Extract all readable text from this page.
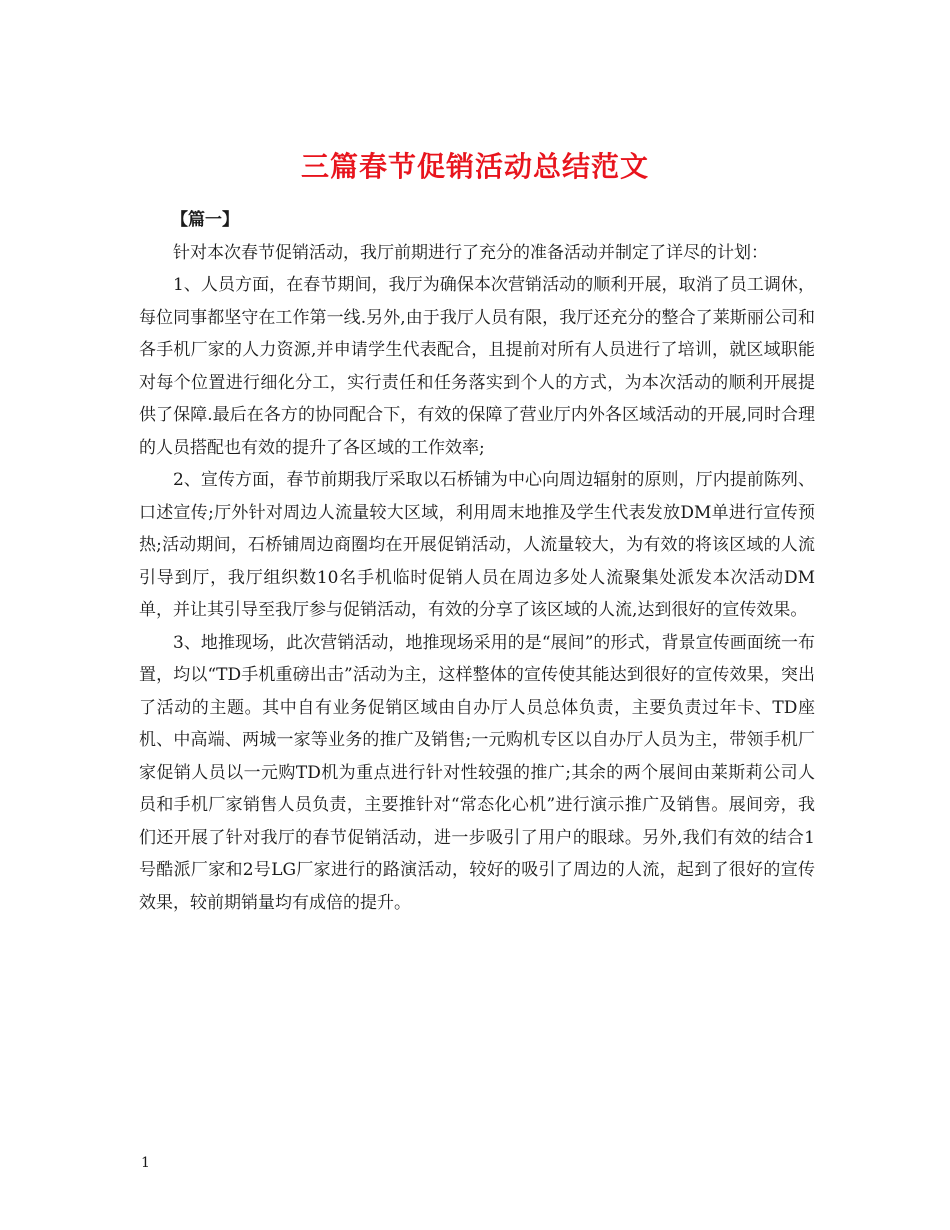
三篇春节促销活动总结范文

【篇一】

针对本次春节促销活动，我厅前期进行了充分的准备活动并制定了详尽的计划：

1、人员方面，在春节期间，我厅为确保本次营销活动的顺利开展，取消了员工调休，每位同事都坚守在工作第一线.另外,由于我厅人员有限，我厅还充分的整合了莱斯丽公司和各手机厂家的人力资源,并申请学生代表配合，且提前对所有人员进行了培训，就区域职能对每个位置进行细化分工，实行责任和任务落实到个人的方式，为本次活动的顺利开展提供了保障.最后在各方的协同配合下，有效的保障了营业厅内外各区域活动的开展,同时合理的人员搭配也有效的提升了各区域的工作效率;

2、宣传方面，春节前期我厅采取以石桥铺为中心向周边辐射的原则，厅内提前陈列、口述宣传;厅外针对周边人流量较大区域，利用周末地推及学生代表发放DM单进行宣传预热;活动期间，石桥铺周边商圈均在开展促销活动，人流量较大，为有效的将该区域的人流引导到厅，我厅组织数10名手机临时促销人员在周边多处人流聚集处派发本次活动DM单，并让其引导至我厅参与促销活动，有效的分享了该区域的人流,达到很好的宣传效果。

3、地推现场，此次营销活动，地推现场采用的是“展间”的形式，背景宣传画面统一布置，均以“TD手机重磅出击”活动为主，这样整体的宣传使其能达到很好的宣传效果，突出了活动的主题。其中自有业务促销区域由自办厅人员总体负责，主要负责过年卡、TD座机、中高端、两城一家等业务的推广及销售;一元购机专区以自办厅人员为主，带领手机厂家促销人员以一元购TD机为重点进行针对性较强的推广;其余的两个展间由莱斯莉公司人员和手机厂家销售人员负责，主要推针对“常态化心机”进行演示推广及销售。展间旁，我们还开展了针对我厅的春节促销活动，进一步吸引了用户的眼球。另外,我们有效的结合1号酷派厂家和2号LG厂家进行的路演活动，较好的吸引了周边的人流，起到了很好的宣传效果，较前期销量均有成倍的提升。

1
